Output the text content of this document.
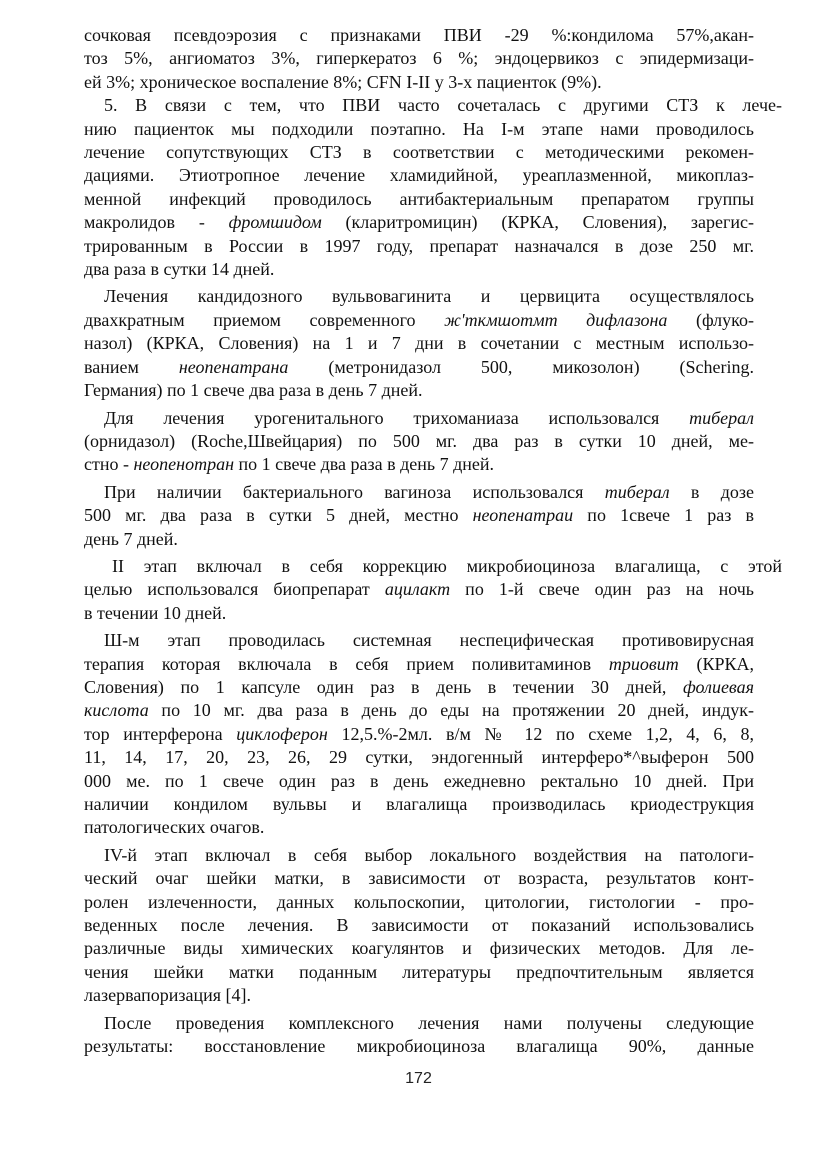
сочковая псевдоэрозия с признаками ПВИ -29 %:кондилома 57%,акан-
тоз 5%, ангиоматоз 3%, гиперкератоз 6 %; эндоцервикоз с эпидермизаци-
ей 3%; хроническое воспаление 8%; CFN I-II у 3-х пациенток (9%).
5. В связи с тем, что ПВИ часто сочеталась с другими СТЗ к лече-
нию пациенток мы подходили поэтапно. На I-м этапе нами проводилось
лечение сопутствующих СТЗ в соответствии с методическими рекомен-
дациями. Этиотропное лечение хламидийной, уреаплазменной, микоплаз-
менной инфекций проводилось антибактериальным препаратом группы
макролидов - фромшидом (кларитромицин) (КРКА, Словения), зарегис-
трированным в России в 1997 году, препарат назначался в дозе 250 мг.
два раза в сутки 14 дней.
Лечения кандидозного вульвовагинита и цервицита осуществлялось
двахкратным приемом современного ж'ткмшотмт дифлазона (флуко-
назол) (КРКА, Словения) на 1 и 7 дни в сочетании с местным использо-
ванием неопенатрана (метронидазол 500, микозолон) (Schering.
Германия) по 1 свече два раза в день 7 дней.
Для лечения урогенитального трихоманиаза использовался тиберал
(орнидазол) (Roche,Швейцария) по 500 мг. два раз в сутки 10 дней, ме-
стно - неопенотран по 1 свече два раза в день 7 дней.
При наличии бактериального вагиноза использовался тиберал в дозе
500 мг. два раза в сутки 5 дней, местно неопенатраи по 1свече 1 раз в
день 7 дней.
II этап включал в себя коррекцию микробиоциноза влагалища, с этой
целью использовался биопрепарат ацилакт по 1-й свече один раз на ночь
в течении 10 дней.
Ш-м этап проводилась системная неспецифическая противовирусная
терапия которая включала в себя прием поливитаминов триовит (КРКА,
Словения) по 1 капсуле один раз в день в течении 30 дней, фолиевая
кислота по 10 мг. два раза в день до еды на протяжении 20 дней, индук-
тор интерферона циклоферон 12,5.%-2мл. в/м № 12 по схеме 1,2, 4, 6, 8,
11, 14, 17, 20, 23, 26, 29 сутки, эндогенный интерферо*^выферон 500
000 ме. по 1 свече один раз в день ежедневно ректально 10 дней. При
наличии кондилом вульвы и влагалища производилась криодеструкция
патологических очагов.
IV-й этап включал в себя выбор локального воздействия на патологи-
ческий очаг шейки матки, в зависимости от возраста, результатов конт-
ролен излеченности, данных кольпоскопии, цитологии, гистологии - про-
веденных после лечения. В зависимости от показаний использовались
различные виды химических коагулянтов и физических методов. Для ле-
чения шейки матки поданным литературы предпочтительным является
лазервапоризация [4].
После проведения комплексного лечения нами получены следующие
результаты: восстановление микробиоциноза влагалища 90%, данные
172
